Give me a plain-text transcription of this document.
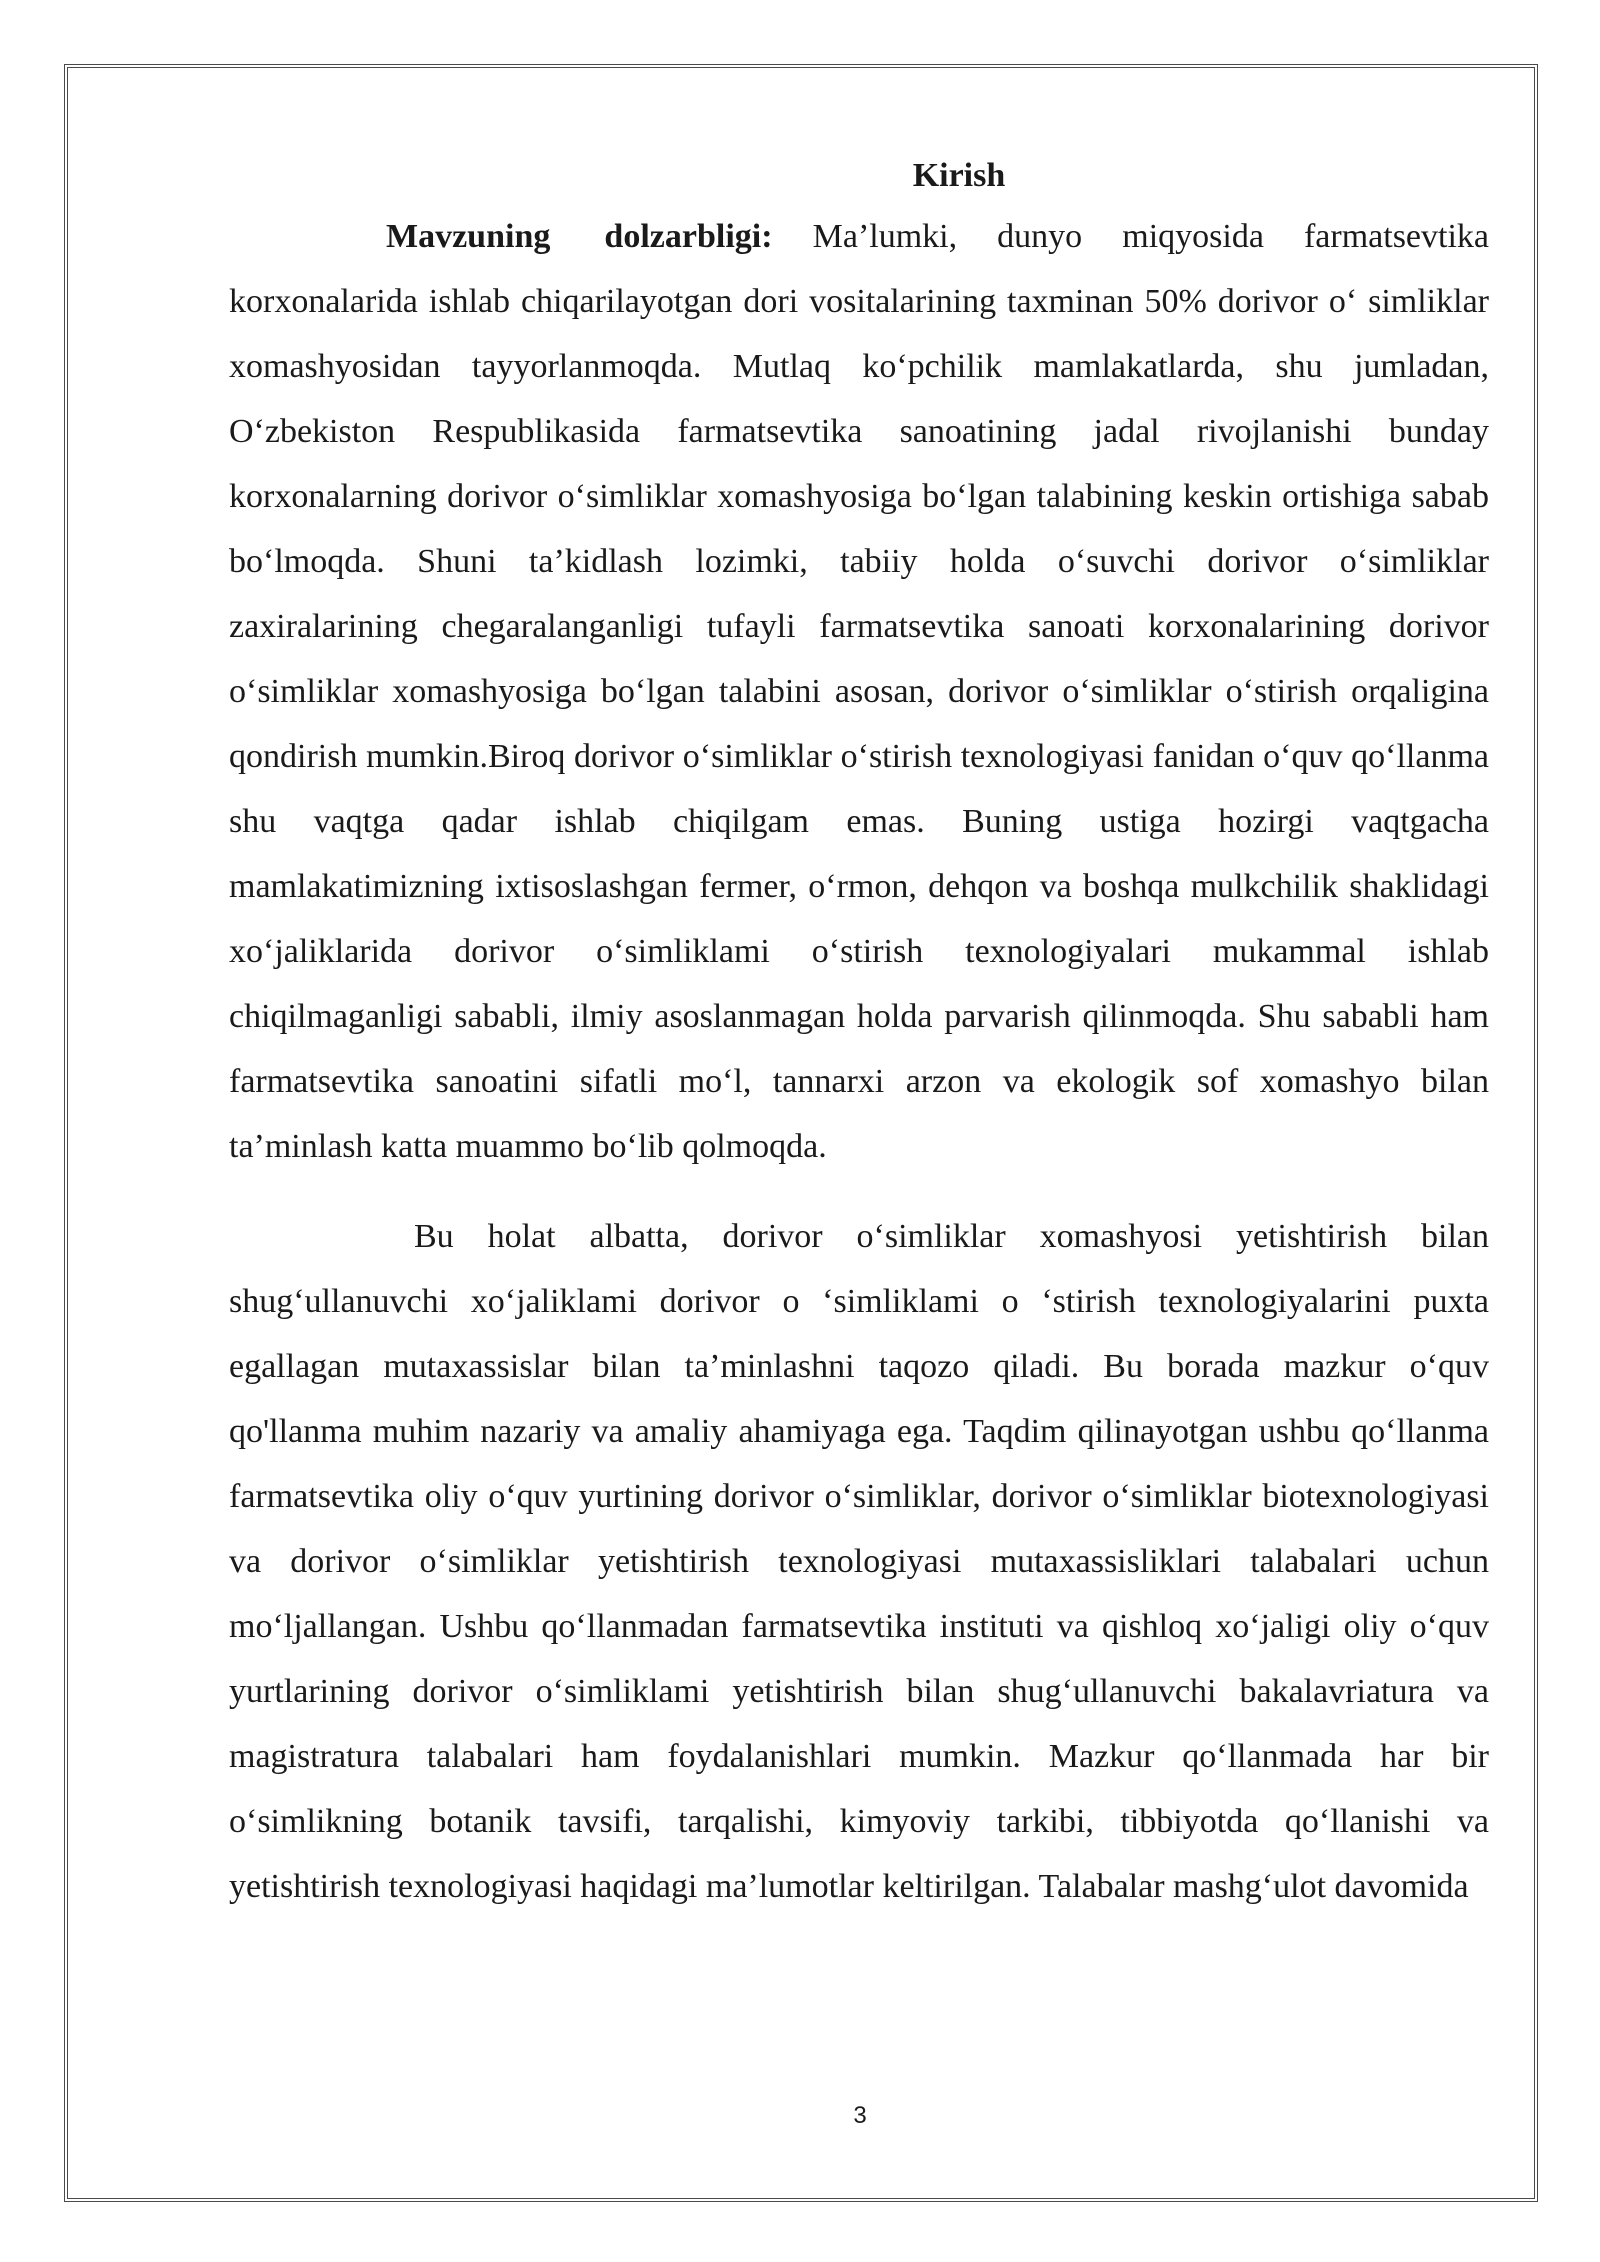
Kirish

Mavzuning dolzarbligi: Ma’lumki, dunyo miqyosida farmatsevtika korxonalarida ishlab chiqarilayotgan dori vositalarining taxminan 50% dorivor o‘ simliklar xomashyosidan tayyorlanmoqda. Mutlaq ko‘pchilik mamlakatlarda, shu jumladan, O‘zbekiston Respublikasida farmatsevtika sanoatining jadal rivojlanishi bunday korxonalarning dorivor o‘simliklar xomashyosiga bo‘lgan talabining keskin ortishiga sabab bo‘lmoqda. Shuni ta’kidlash lozimki, tabiiy holda o‘suvchi dorivor o‘simliklar zaxiralarining chegaralanganligi tufayli farmatsevtika sanoati korxonalarining dorivor o‘simliklar xomashyosiga bo‘lgan talabini asosan, dorivor o‘simliklar o‘stirish orqaligina qondirish mumkin.Biroq dorivor o‘simliklar o‘stirish texnologiyasi fanidan o‘quv qo‘llanma shu vaqtga qadar ishlab chiqilgam emas. Buning ustiga hozirgi vaqtgacha mamlakatimizning ixtisoslashgan fermer, o‘rmon, dehqon va boshqa mulkchilik shaklidagi xo‘jaliklarida dorivor o‘simliklami o‘stirish texnologiyalari mukammal ishlab chiqilmaganligi sababli, ilmiy asoslanmagan holda parvarish qilinmoqda. Shu sababli ham farmatsevtika sanoatini sifatli mo‘l, tannarxi arzon va ekologik sof xomashyo bilan ta’minlash katta muammo bo‘lib qolmoqda.

Bu holat albatta, dorivor o‘simliklar xomashyosi yetishtirish bilan shug‘ullanuvchi xo‘jaliklami dorivor o ‘simliklami o ‘stirish texnologiyalarini puxta egallagan mutaxassislar bilan ta’minlashni taqozo qiladi. Bu borada mazkur o‘quv qo'llanma muhim nazariy va amaliy ahamiyaga ega. Taqdim qilinayotgan ushbu qo‘llanma farmatsevtika oliy o‘quv yurtining dorivor o‘simliklar, dorivor o‘simliklar biotexnologiyasi va dorivor o‘simliklar yetishtirish texnologiyasi mutaxassisliklari talabalari uchun mo‘ljallangan. Ushbu qo‘llanmadan farmatsevtika instituti va qishloq xo‘jaligi oliy o‘quv yurtlarining dorivor o‘simliklami yetishtirish bilan shug‘ullanuvchi bakalavriatura va magistratura talabalari ham foydalanishlari mumkin. Mazkur qo‘llanmada har bir o‘simlikning botanik tavsifi, tarqalishi, kimyoviy tarkibi, tibbiyotda qo‘llanishi va yetishtirish texnologiyasi haqidagi ma’lumotlar keltirilgan. Talabalar mashg‘ulot davomida

3
